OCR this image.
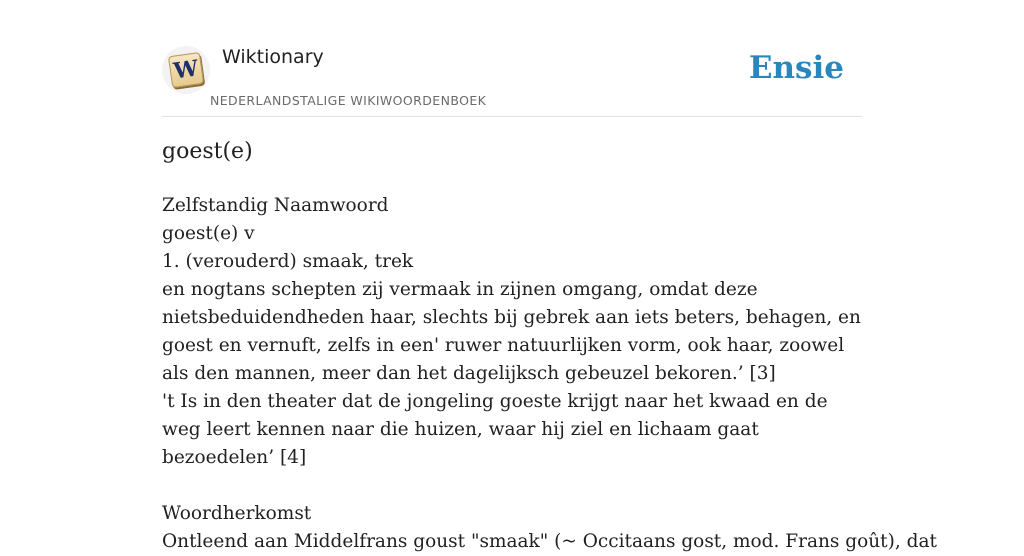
W Wiktionary
NEDERLANDSTALIGE WIKIWOORDENBOEK
Ensie
goest(e)

Zelfstandig Naamwoord

goest(e) v

1. (verouderd) smaak, trek

en nogtans schepten zij vermaak in zijnen omgang, omdat deze nietsbeduidendheden haar, slechts bij gebrek aan iets beters, behagen, en goest en vernuft, zelfs in een' ruwer natuurlijken vorm, ook haar, zoowel als den mannen, meer dan het dagelijksch gebeuzel bekoren.’ [3]

't Is in den theater dat de jongeling goeste krijgt naar het kwaad en de weg leert kennen naar die huizen, waar hij ziel en lichaam gaat bezoedelen’ [4]

Woordherkomst

Ontleend aan Middelfrans goust "smaak" (~ Occitaans gost, mod. Frans goût), dat
